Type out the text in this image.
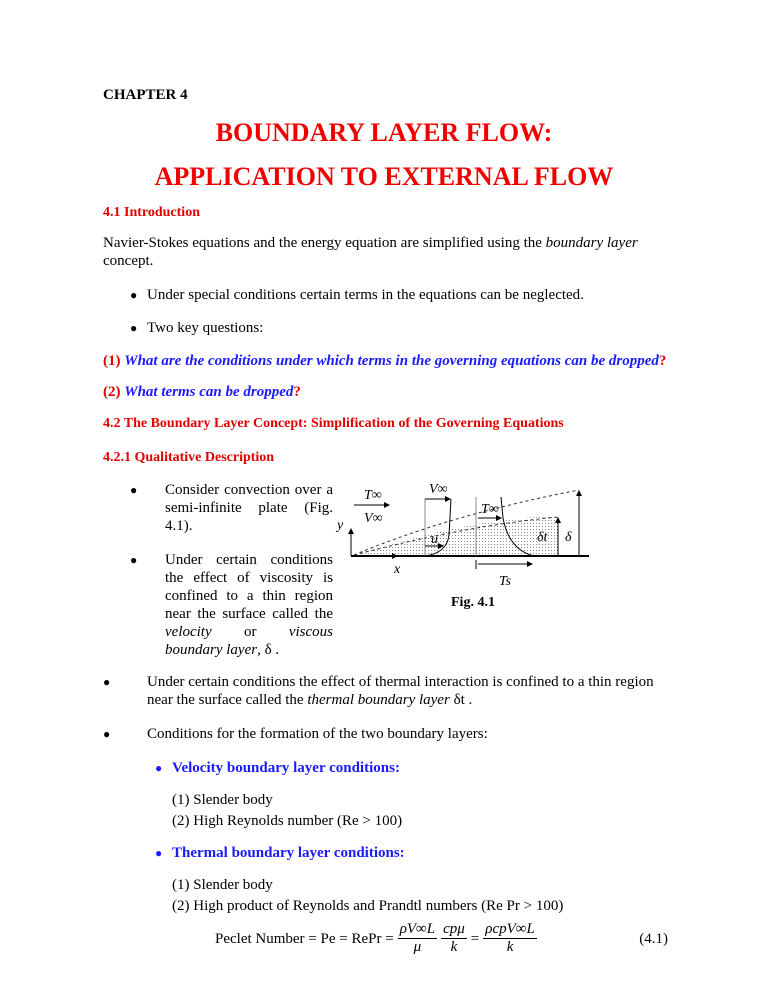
CHAPTER 4
BOUNDARY LAYER FLOW:
APPLICATION TO EXTERNAL FLOW
4.1 Introduction
Navier-Stokes equations and the energy equation are simplified using the boundary layer concept.
● Under special conditions certain terms in the equations can be neglected.
● Two key questions:
(1) What are the conditions under which terms in the governing equations can be dropped?
(2) What terms can be dropped?
4.2 The Boundary Layer Concept: Simplification of the Governing Equations
4.2.1 Qualitative Description
● Consider convection over a semi-infinite plate (Fig. 4.1).
● Under certain conditions the effect of viscosity is confined to a thin region near the surface called the velocity or viscous boundary layer, δ .
T∞
V∞
y
x
V∞
u
T∞
Ts
δt δ
Fig. 4.1
● Under certain conditions the effect of thermal interaction is confined to a thin region near the surface called the thermal boundary layer δt .
● Conditions for the formation of the two boundary layers:
● Velocity boundary layer conditions:
(1) Slender body
(2) High Reynolds number (Re > 100)
● Thermal boundary layer conditions:
(1) Slender body
(2) High product of Reynolds and Prandtl numbers (Re Pr > 100)
Peclet Number = Pe = RePr = $\frac{\rho V\infty L}{\mu} \frac{\text{cpμ}}{k} = \frac{\text{ρcpV∞L}}{k}$	(4.1)
